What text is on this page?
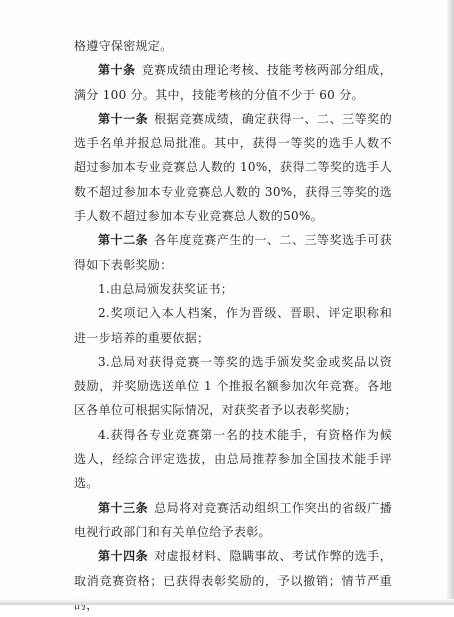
格遵守保密规定。

第十条 竞赛成绩由理论考核、技能考核两部分组成，满分 100 分。其中，技能考核的分值不少于 60 分。

第十一条 根据竞赛成绩，确定获得一、二、三等奖的选手名单并报总局批准。其中，获得一等奖的选手人数不超过参加本专业竞赛总人数的 10%，获得二等奖的选手人数不超过参加本专业竞赛总人数的 30%，获得三等奖的选手人数不超过参加本专业竞赛总人数的50%。

第十二条 各年度竞赛产生的一、二、三等奖选手可获得如下表彰奖励：

1.由总局颁发获奖证书；

2.奖项记入本人档案，作为晋级、晋职、评定职称和进一步培养的重要依据；

3.总局对获得竞赛一等奖的选手颁发奖金或奖品以资鼓励，并奖励选送单位 1 个推报名额参加次年竞赛。各地区各单位可根据实际情况，对获奖者予以表彰奖励；

4.获得各专业竞赛第一名的技术能手，有资格作为候选人，经综合评定选拔，由总局推荐参加全国技术能手评选。

第十三条 总局将对竞赛活动组织工作突出的省级广播电视行政部门和有关单位给予表彰。

第十四条 对虚报材料、隐瞒事故、考试作弊的选手，取消竞赛资格；已获得表彰奖励的，予以撤销；情节严重
